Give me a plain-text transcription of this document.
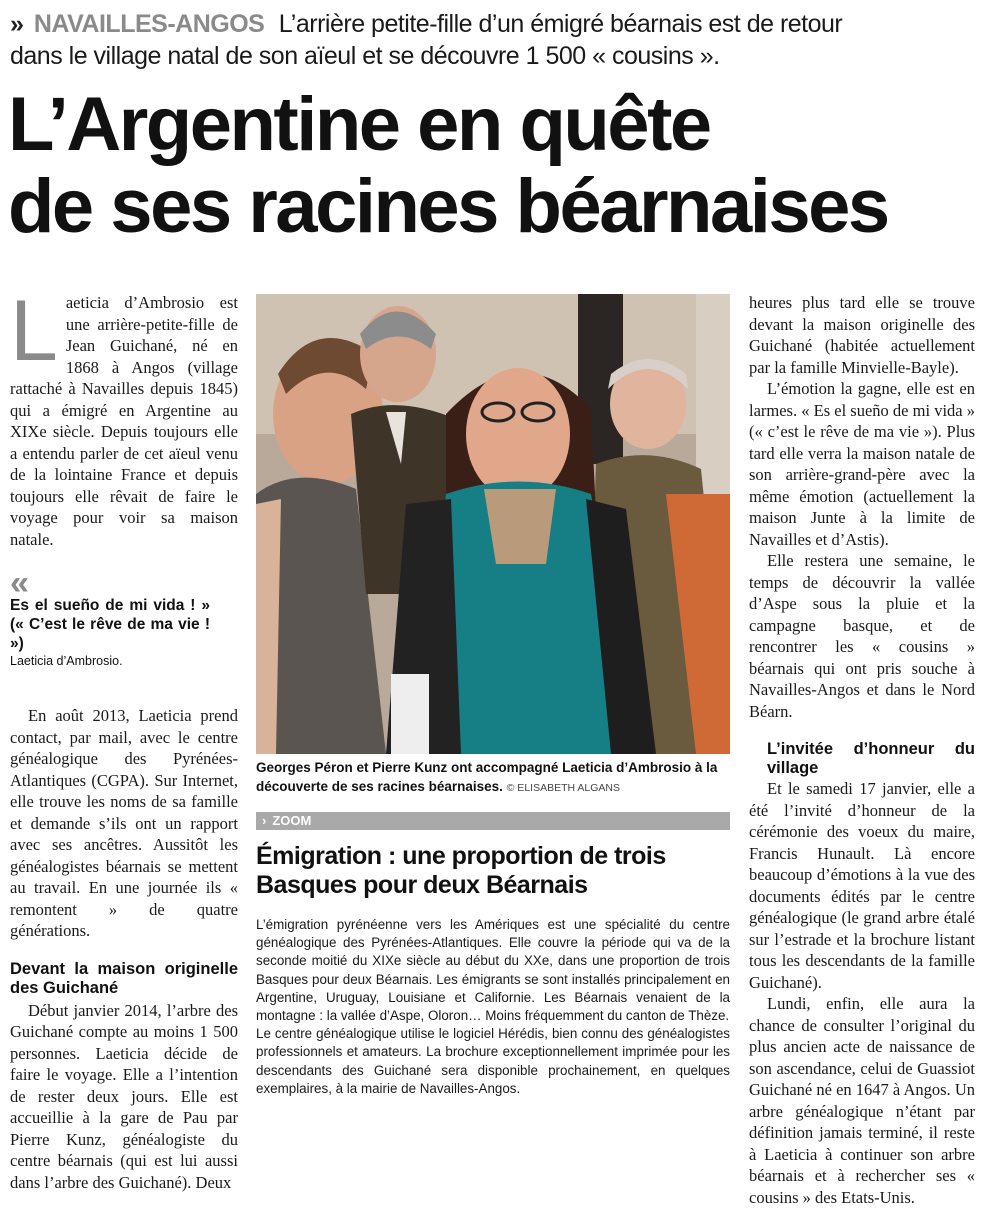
» NAVAILLES-ANGOS L’arrière petite-fille d’un émigré béarnais est de retour
dans le village natal de son aïeul et se découvre 1 500 « cousins ».
L’Argentine en quête
de ses racines béarnaises

Laeticia d’Ambrosio est une arrière-petite-fille de Jean Guichané, né en 1868 à Angos (village rattaché à Navailles depuis 1845) qui a émigré en Argentine au XIXe siècle. Depuis toujours elle a entendu parler de cet aïeul venu de la lointaine France et depuis toujours elle rêvait de faire le voyage pour voir sa maison natale.

«
Es el sueño de mi vida ! » (« C’est le rêve de ma vie ! »)
Laeticia d’Ambrosio.

En août 2013, Laeticia prend contact, par mail, avec le centre généalogique des Pyrénées-Atlantiques (CGPA). Sur Internet, elle trouve les noms de sa famille et demande s’ils ont un rapport avec ses ancêtres. Aussitôt les généalogistes béarnais se mettent au travail. En une journée ils « remontent » de quatre générations.

Devant la maison originelle des Guichané

Début janvier 2014, l’arbre des Guichané compte au moins 1 500 personnes. Laeticia décide de faire le voyage. Elle a l’intention de rester deux jours. Elle est accueillie à la gare de Pau par Pierre Kunz, généalogiste du centre béarnais (qui est lui aussi dans l’arbre des Guichané). Deux

Georges Péron et Pierre Kunz ont accompagné Laeticia d’Ambrosio à la découverte de ses racines béarnaises. © ELISABETH ALGANS
› ZOOM
Émigration : une proportion de trois Basques pour deux Béarnais

L’émigration pyrénéenne vers les Amériques est une spécialité du centre généalogique des Pyrénées-Atlantiques. Elle couvre la période qui va de la seconde moitié du XIXe siècle au début du XXe, dans une proportion de trois Basques pour deux Béarnais. Les émigrants se sont installés principalement en Argentine, Uruguay, Louisiane et Californie. Les Béarnais venaient de la montagne : la vallée d’Aspe, Oloron… Moins fréquemment du canton de Thèze.

Le centre généalogique utilise le logiciel Hérédis, bien connu des généalogistes professionnels et amateurs. La brochure exceptionnellement imprimée pour les descendants des Guichané sera disponible prochainement, en quelques exemplaires, à la mairie de Navailles-Angos.

heures plus tard elle se trouve devant la maison originelle des Guichané (habitée actuellement par la famille Minvielle-Bayle).

L’émotion la gagne, elle est en larmes. « Es el sueño de mi vida » (« c’est le rêve de ma vie »). Plus tard elle verra la maison natale de son arrière-grand-père avec la même émotion (actuellement la maison Junte à la limite de Navailles et d’Astis).

Elle restera une semaine, le temps de découvrir la vallée d’Aspe sous la pluie et la campagne basque, et de rencontrer les « cousins » béarnais qui ont pris souche à Navailles-Angos et dans le Nord Béarn.

L’invitée d’honneur du village

Et le samedi 17 janvier, elle a été l’invité d’honneur de la cérémonie des voeux du maire, Francis Hunault. Là encore beaucoup d’émotions à la vue des documents édités par le centre généalogique (le grand arbre étalé sur l’estrade et la brochure listant tous les descendants de la famille Guichané).

Lundi, enfin, elle aura la chance de consulter l’original du plus ancien acte de naissance de son ascendance, celui de Guassiot Guichané né en 1647 à Angos. Un arbre généalogique n’étant par définition jamais terminé, il reste à Laeticia à continuer son arbre béarnais et à rechercher ses « cousins » des Etats-Unis.
